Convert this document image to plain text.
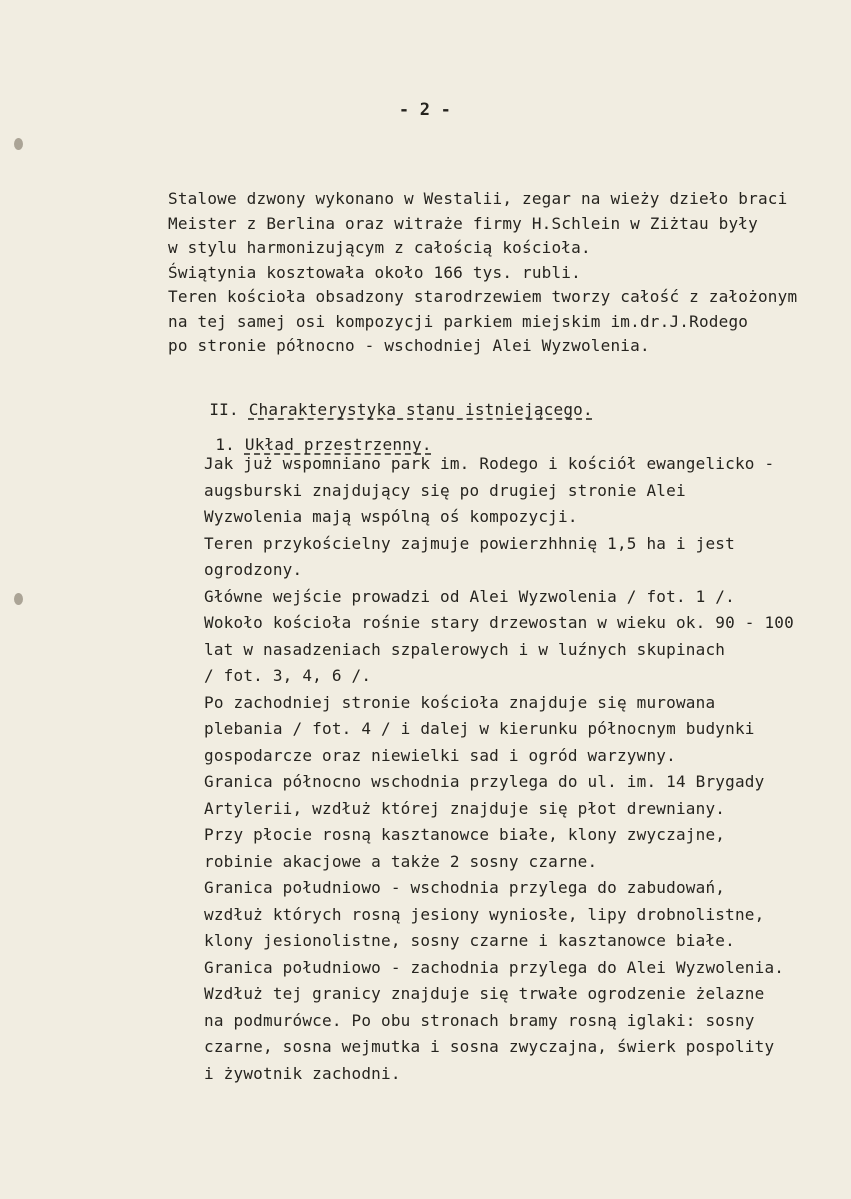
- 2 -
Stalowe dzwony wykonano w Westalii, zegar na wieży dzieło braci
Meister z Berlina oraz witraże firmy H.Schlein w Ziżtau były
w stylu harmonizującym z całością kościoła.
Świątynia kosztowała około 166 tys. rubli.
Teren kościoła obsadzony starodrzewiem tworzy całość z założonym
na tej samej osi kompozycji parkiem miejskim im.dr.J.Rodego
po stronie północno - wschodniej Alei Wyzwolenia.

II. Charakterystyka stanu istniejącego.

1. Układ przestrzenny.

Jak już wspomniano park im. Rodego i kościół ewangelicko -
augsburski znajdujący się po drugiej stronie Alei
Wyzwolenia mają wspólną oś kompozycji.
Teren przykościelny zajmuje powierzhhnię 1,5 ha i jest
ogrodzony.
Główne wejście prowadzi od Alei Wyzwolenia / fot. 1 /.
Wokoło kościoła rośnie stary drzewostan w wieku ok. 90 - 100
lat w nasadzeniach szpalerowych i w luźnych skupinach
/ fot. 3, 4, 6 /.
Po zachodniej stronie kościoła znajduje się murowana
plebania / fot. 4 / i dalej w kierunku północnym budynki
gospodarcze oraz niewielki sad i ogród warzywny.
Granica północno wschodnia przylega do ul. im. 14 Brygady
Artylerii, wzdłuż której znajduje się płot drewniany.
Przy płocie rosną kasztanowce białe, klony zwyczajne,
robinie akacjowe a także 2 sosny czarne.
Granica południowo - wschodnia przylega do zabudowań,
wzdłuż których rosną jesiony wyniosłe, lipy drobnolistne,
klony jesionolistne, sosny czarne i kasztanowce białe.
Granica południowo - zachodnia przylega do Alei Wyzwolenia.
Wzdłuż tej granicy znajduje się trwałe ogrodzenie żelazne
na podmurówce. Po obu stronach bramy rosną iglaki: sosny
czarne, sosna wejmutka i sosna zwyczajna, świerk pospolity
i żywotnik zachodni.
